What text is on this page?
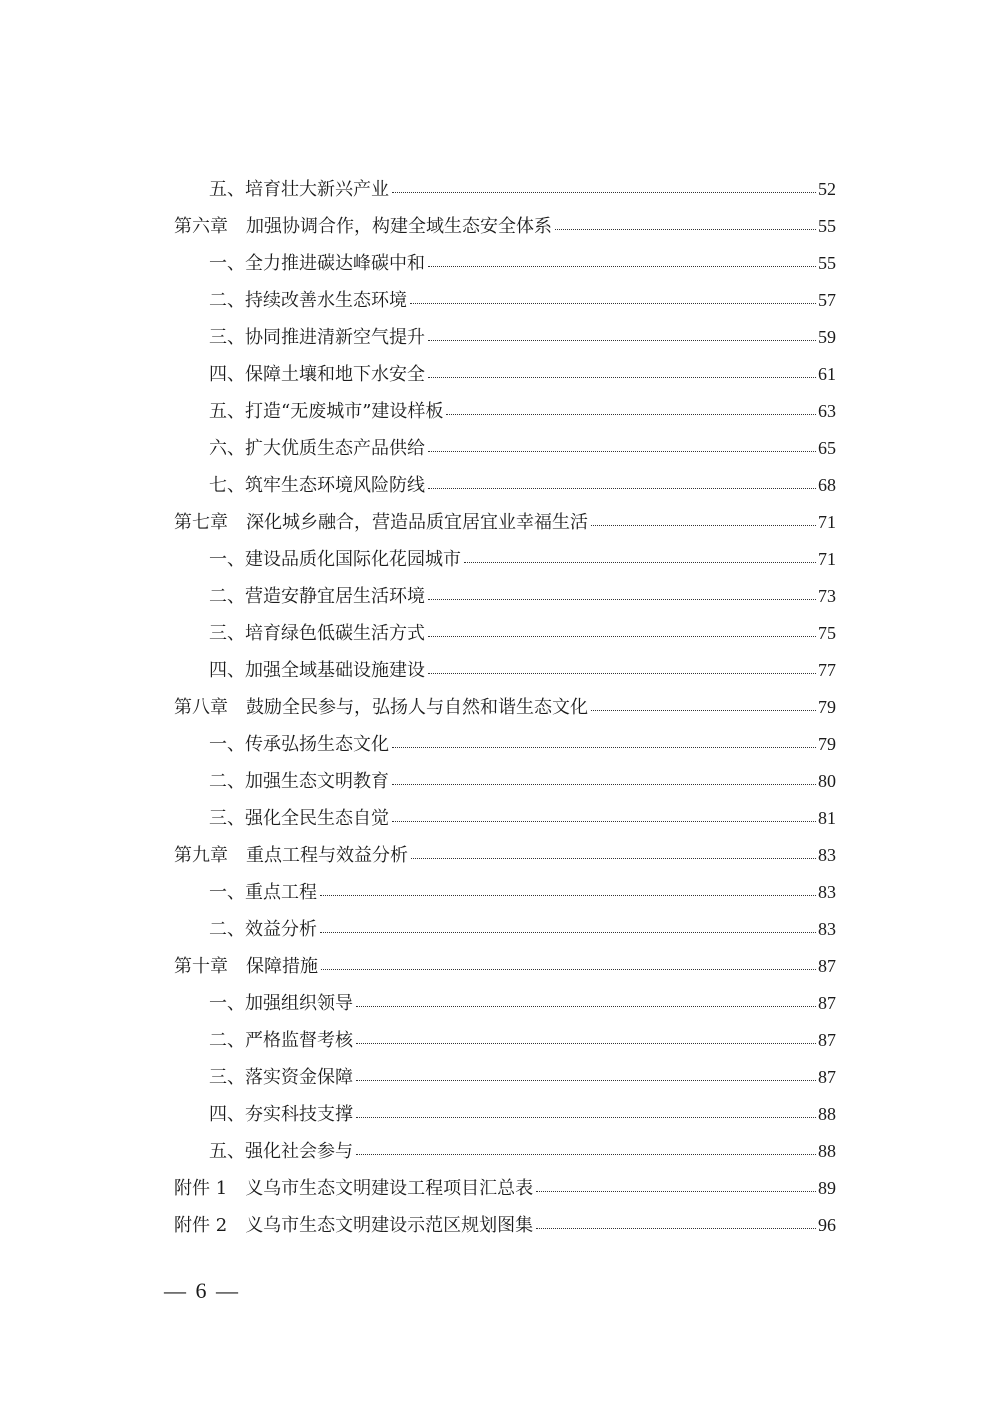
五、培育壮大新兴产业	52
第六章 加强协调合作，构建全域生态安全体系	55
一、全力推进碳达峰碳中和	55
二、持续改善水生态环境	57
三、协同推进清新空气提升	59
四、保障土壤和地下水安全	61
五、打造“无废城市”建设样板	63
六、扩大优质生态产品供给	65
七、筑牢生态环境风险防线	68
第七章 深化城乡融合，营造品质宜居宜业幸福生活	71
一、建设品质化国际化花园城市	71
二、营造安静宜居生活环境	73
三、培育绿色低碳生活方式	75
四、加强全域基础设施建设	77
第八章 鼓励全民参与，弘扬人与自然和谐生态文化	79
一、传承弘扬生态文化	79
二、加强生态文明教育	80
三、强化全民生态自觉	81
第九章 重点工程与效益分析	83
一、重点工程	83
二、效益分析	83
第十章 保障措施	87
一、加强组织领导	87
二、严格监督考核	87
三、落实资金保障	87
四、夯实科技支撑	88
五、强化社会参与	88
附件 1 义乌市生态文明建设工程项目汇总表	89
附件 2 义乌市生态文明建设示范区规划图集	96
— 6 —
